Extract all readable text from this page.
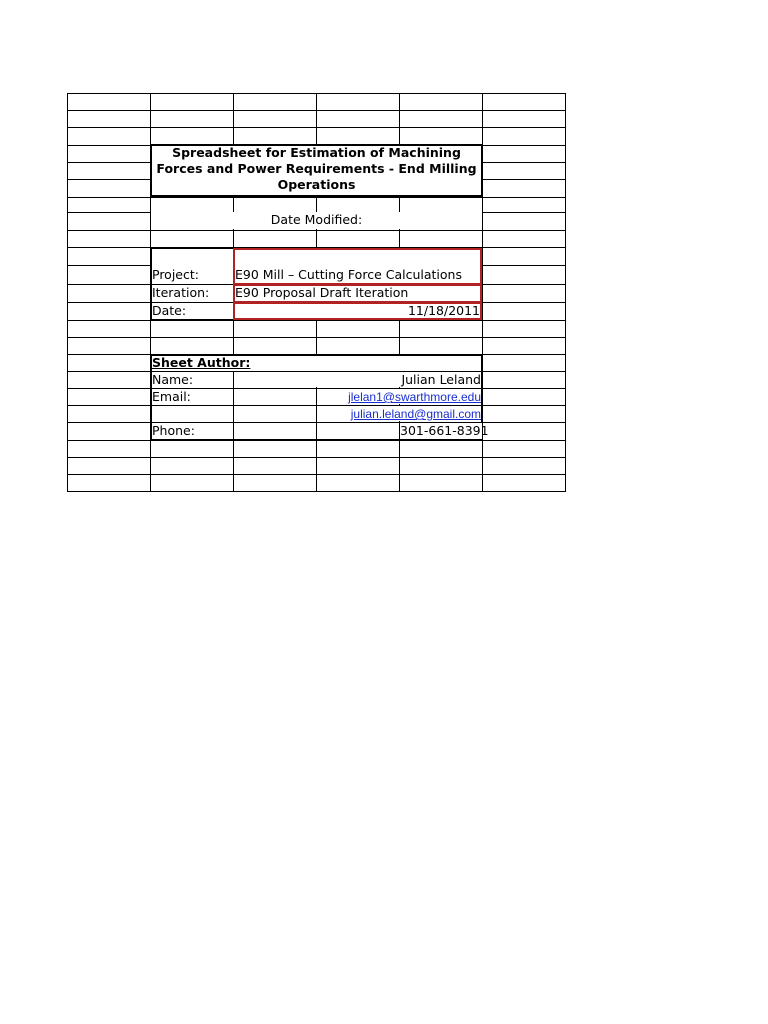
Spreadsheet for Estimation of Machining
Forces and Power Requirements - End Milling
Operations
Date Modified:
Project:	E90 Mill – Cutting Force Calculations
Iteration: E90 Proposal Draft Iteration
Date:	11/18/2011
Sheet Author:
Name:	Julian Leland
Email:	jlelan1@swarthmore.edu
julian.leland@gmail.com
Phone:	301-661-8391
